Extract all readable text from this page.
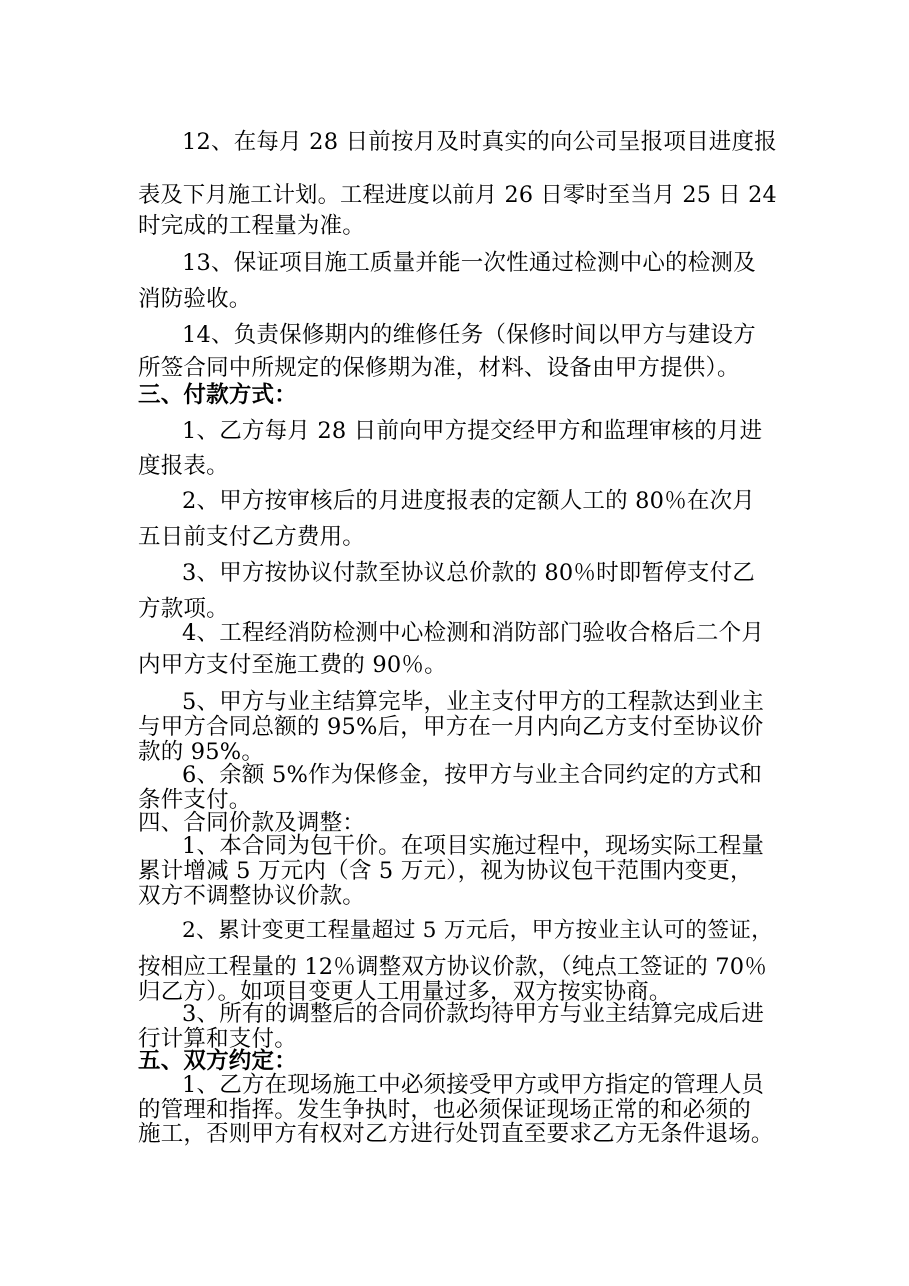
12、在每月 28 日前按月及时真实的向公司呈报项目进度报
表及下月施工计划。工程进度以前月 26 日零时至当月 25 日 24
时完成的工程量为准。
13、保证项目施工质量并能一次性通过检测中心的检测及
消防验收。
14、负责保修期内的维修任务（保修时间以甲方与建设方
所签合同中所规定的保修期为准，材料、设备由甲方提供）。
三、付款方式：
1、乙方每月 28 日前向甲方提交经甲方和监理审核的月进
度报表。
2、甲方按审核后的月进度报表的定额人工的 80％在次月
五日前支付乙方费用。
3、甲方按协议付款至协议总价款的 80％时即暂停支付乙
方款项。
4、工程经消防检测中心检测和消防部门验收合格后二个月
内甲方支付至施工费的 90％。
5、甲方与业主结算完毕，业主支付甲方的工程款达到业主
与甲方合同总额的 95%后，甲方在一月内向乙方支付至协议价
款的 95%。
6、余额 5%作为保修金，按甲方与业主合同约定的方式和
条件支付。
四、合同价款及调整：
1、本合同为包干价。在项目实施过程中，现场实际工程量
累计增减 5 万元内（含 5 万元），视为协议包干范围内变更，
双方不调整协议价款。
2、累计变更工程量超过 5 万元后，甲方按业主认可的签证，
按相应工程量的 12％调整双方协议价款，（纯点工签证的 70％
归乙方）。如项目变更人工用量过多，双方按实协商。
3、所有的调整后的合同价款均待甲方与业主结算完成后进
行计算和支付。
五、双方约定：
1、乙方在现场施工中必须接受甲方或甲方指定的管理人员
的管理和指挥。发生争执时，也必须保证现场正常的和必须的
施工，否则甲方有权对乙方进行处罚直至要求乙方无条件退场。
